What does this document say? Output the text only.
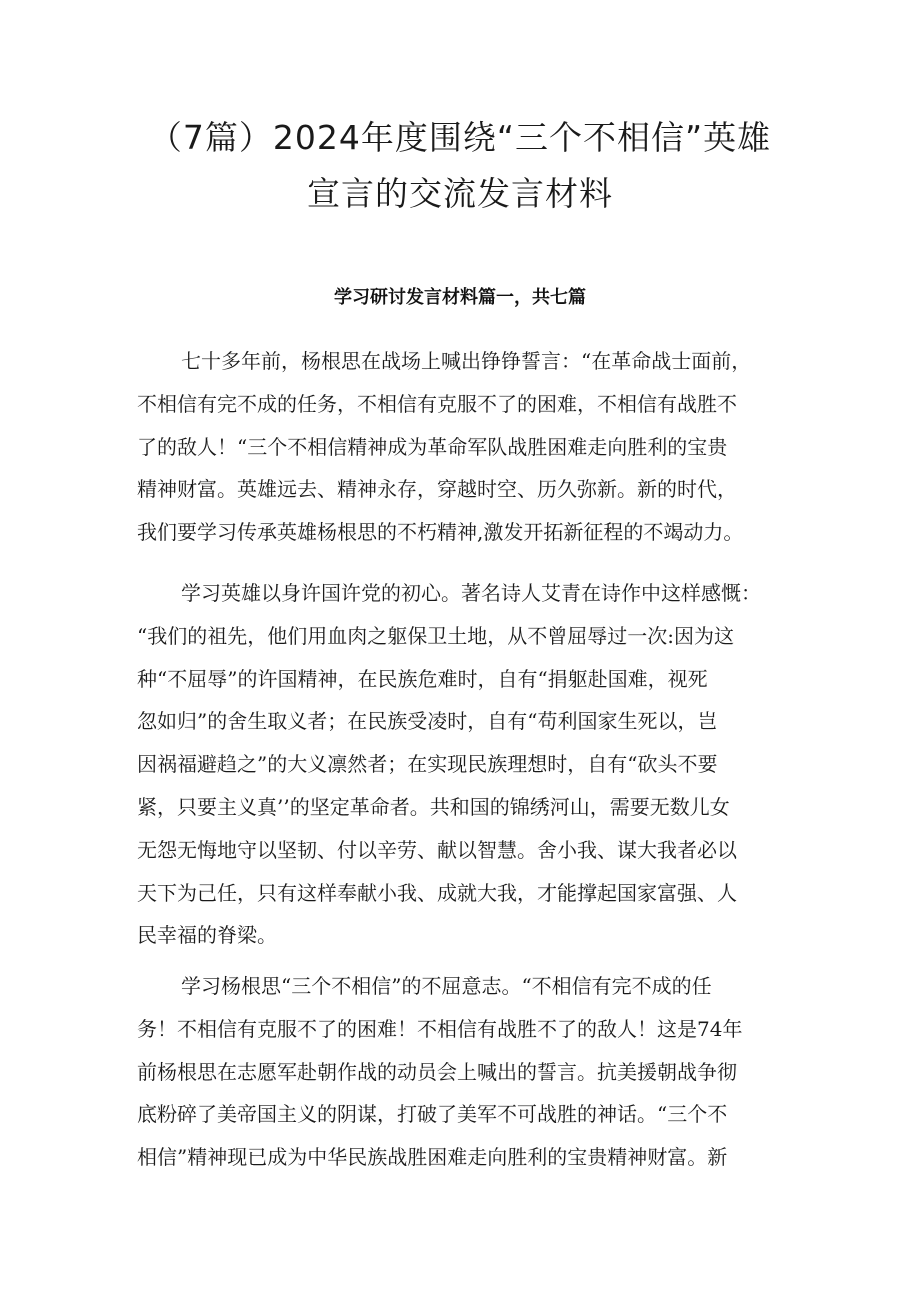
（7篇）2024年度围绕“三个不相信”英雄
宣言的交流发言材料
学习研讨发言材料篇一，共七篇
七十多年前，杨根思在战场上喊出铮铮誓言：“在革命战士面前，
不相信有完不成的任务，不相信有克服不了的困难，不相信有战胜不
了的敌人！“三个不相信精神成为革命军队战胜困难走向胜利的宝贵
精神财富。英雄远去、精神永存，穿越时空、历久弥新。新的时代，
我们要学习传承英雄杨根思的不朽精神,激发开拓新征程的不竭动力。
学习英雄以身许国许党的初心。著名诗人艾青在诗作中这样感慨：
“我们的祖先，他们用血肉之躯保卫土地，从不曾屈辱过一次:因为这
种“不屈辱”的许国精神，在民族危难时，自有“捐躯赴国难，视死
忽如归”的舍生取义者；在民族受凌时，自有“苟利国家生死以，岂
因祸福避趋之”的大义凛然者；在实现民族理想时，自有“砍头不要
紧，只要主义真’’的坚定革命者。共和国的锦绣河山，需要无数儿女
无怨无悔地守以坚韧、付以辛劳、献以智慧。舍小我、谋大我者必以
天下为己任，只有这样奉献小我、成就大我，才能撑起国家富强、人
民幸福的脊梁。
学习杨根思“三个不相信”的不屈意志。“不相信有完不成的任
务！不相信有克服不了的困难！不相信有战胜不了的敌人！这是74年
前杨根思在志愿军赴朝作战的动员会上喊出的誓言。抗美援朝战争彻
底粉碎了美帝国主义的阴谋，打破了美军不可战胜的神话。“三个不
相信”精神现已成为中华民族战胜困难走向胜利的宝贵精神财富。新
